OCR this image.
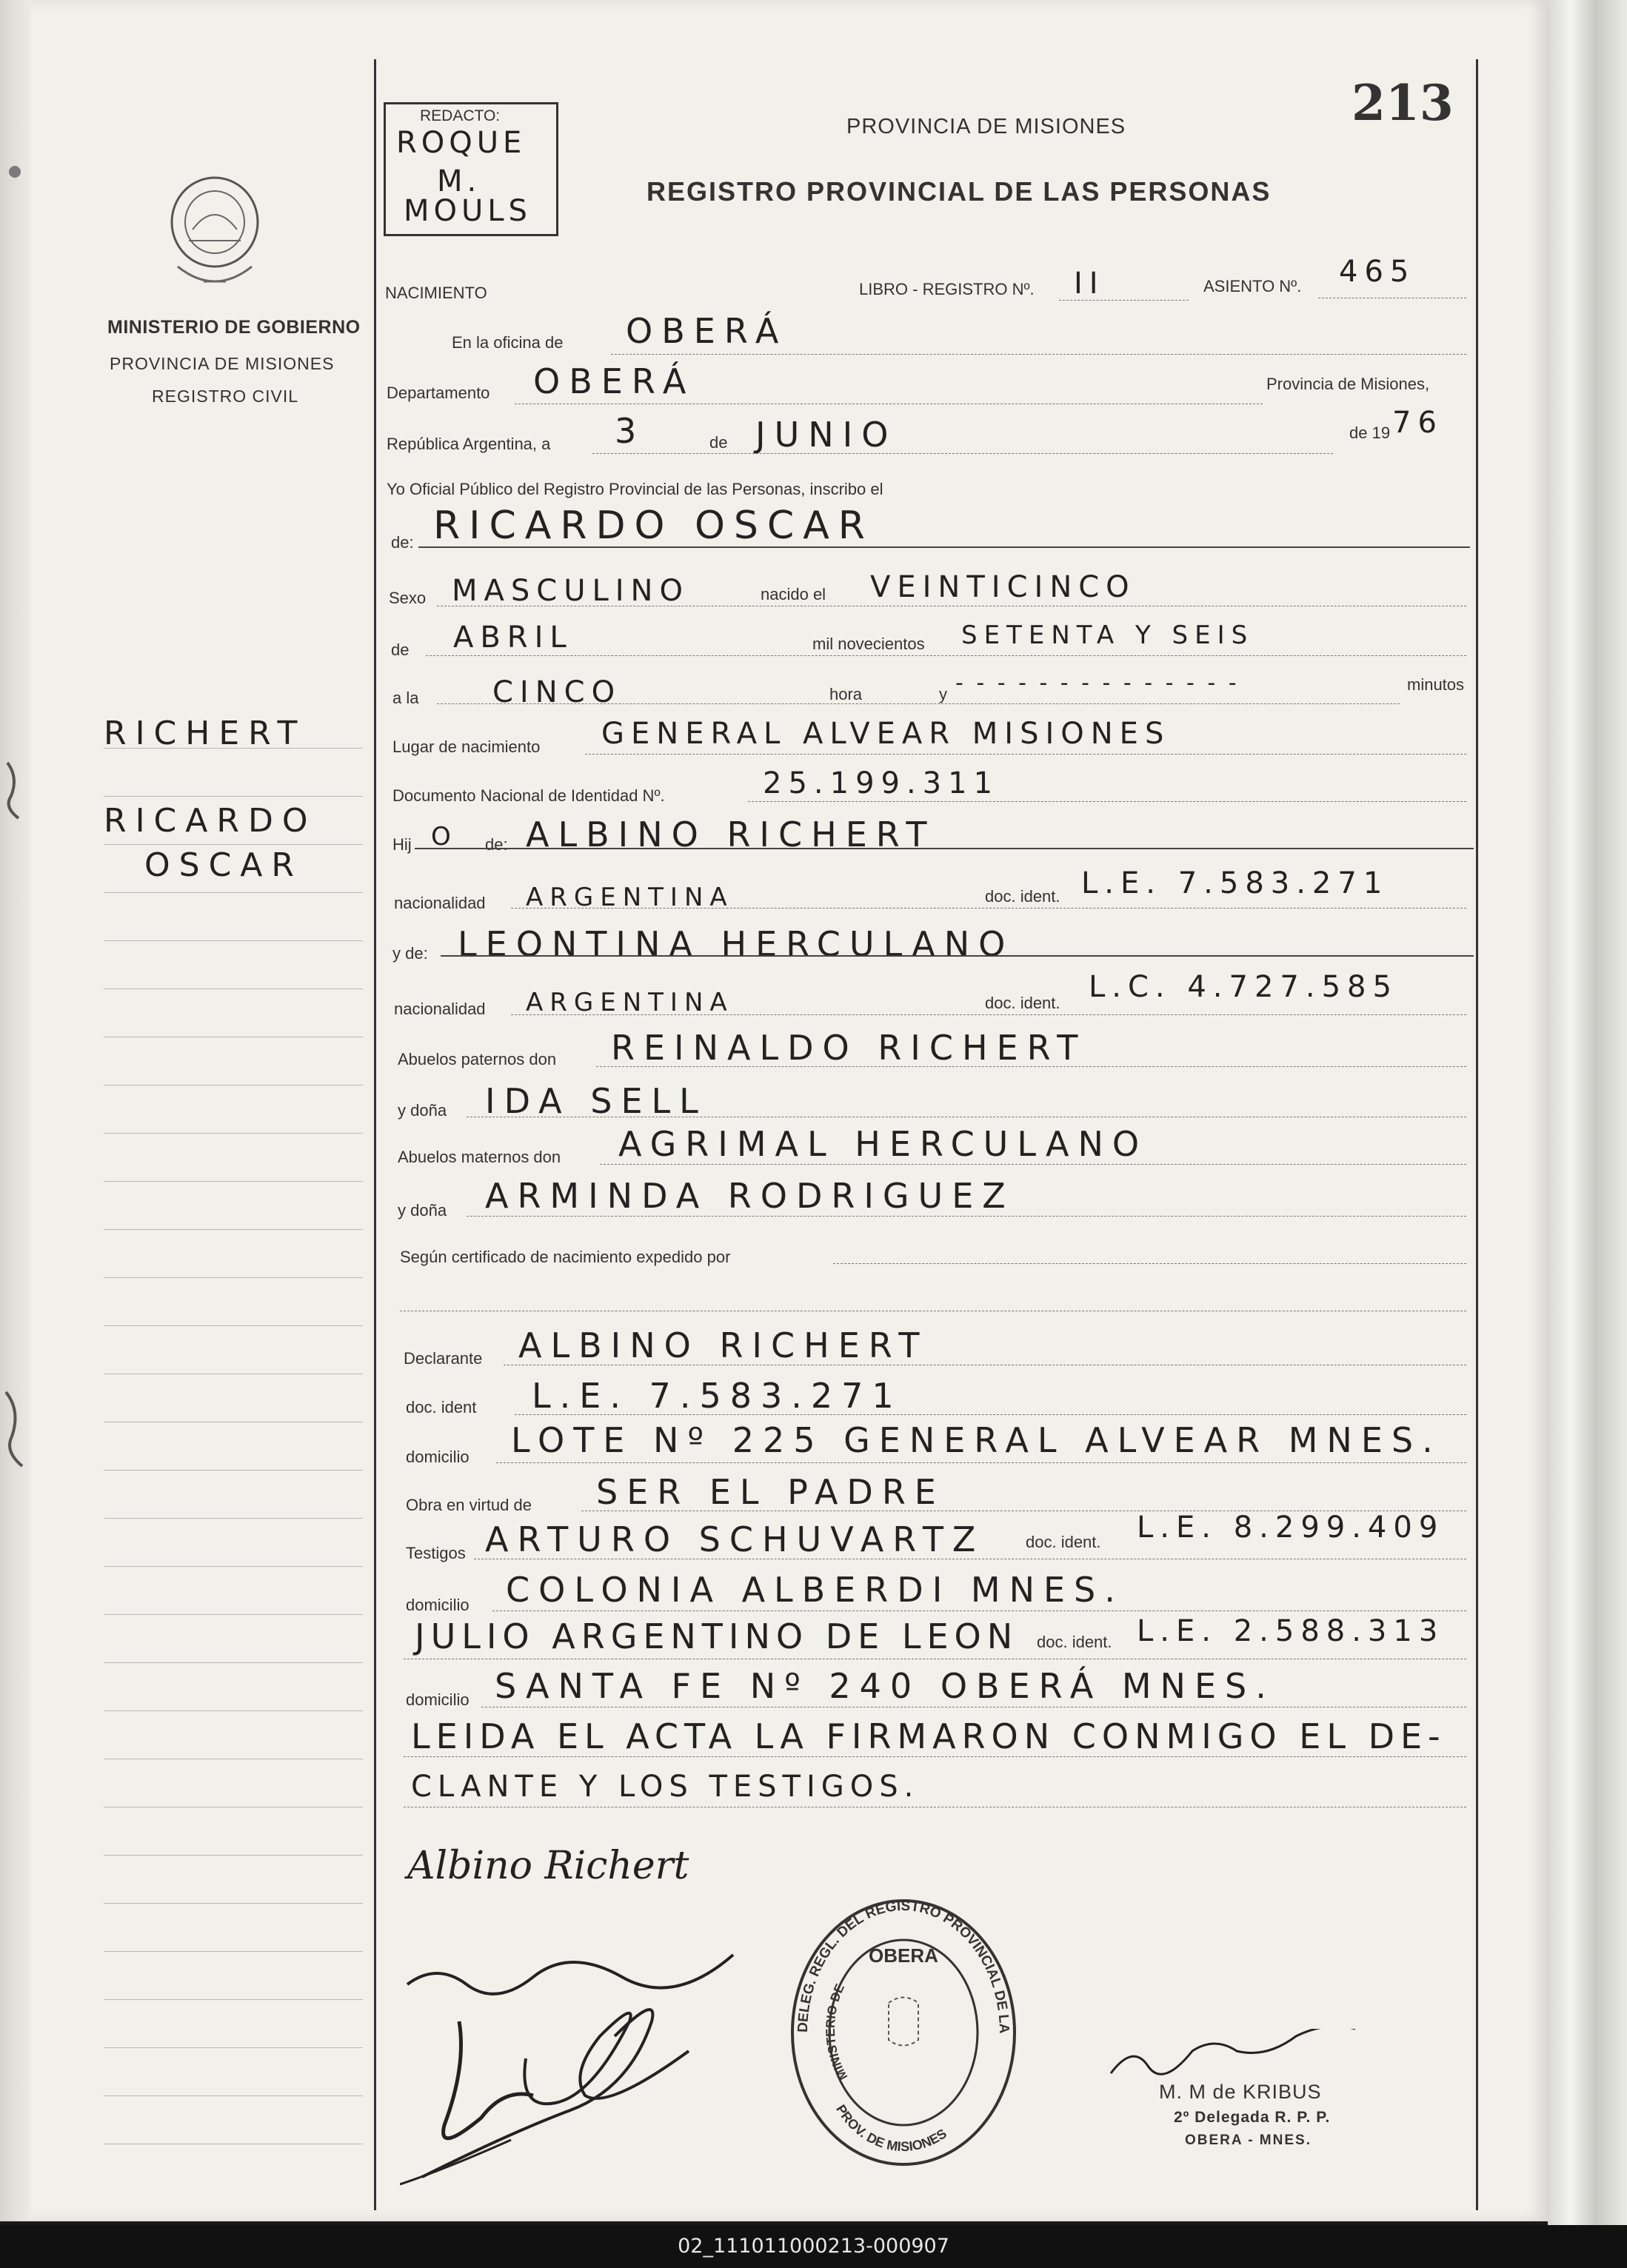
MINISTERIO DE GOBIERNO
PROVINCIA DE MISIONES
REGISTRO CIVIL
RICHERT
RICARDO
OSCAR
213
REDACTO:
ROQUE
M.
MOULS
PROVINCIA DE MISIONES
REGISTRO PROVINCIAL DE LAS PERSONAS
NACIMIENTO	LIBRO - REGISTRO Nº. II	ASIENTO Nº. 465
En la oficina de OBERÁ
Departamento OBERÁ	Provincia de Misiones,
República Argentina, a 3	de JUNIO	de 19 76
Yo Oficial Público del Registro Provincial de las Personas, inscribo el
de: RICARDO OSCAR
Sexo MASCULINO	nacido el VEINTICINCO
de ABRIL	mil novecientos SETENTA Y SEIS
a la CINCO	hora	y - - - - - - - - - - - - - -	minutos
Lugar de nacimiento GENERAL ALVEAR MISIONES
Documento Nacional de Identidad Nº.	25.199.311
Hij O de: ALBINO RICHERT
nacionalidad ARGENTINA	doc. ident. L.E. 7.583.271
y de: LEONTINA HERCULANO
nacionalidad ARGENTINA	doc. ident. L.C. 4.727.585
Abuelos paternos don REINALDO RICHERT
y doña IDA SELL
Abuelos maternos don AGRIMAL HERCULANO
y doña ARMINDA RODRIGUEZ
Según certificado de nacimiento expedido por
Declarante ALBINO RICHERT
doc. ident L.E. 7.583.271
domicilio LOTE Nº 225 GENERAL ALVEAR MNES.
Obra en virtud de SER EL PADRE
Testigos ARTURO SCHUVARTZ	doc. ident. L.E. 8.299.409
domicilio COLONIA ALBERDI MNES.
JULIO ARGENTINO DE LEON doc. ident. L.E. 2.588.313
domicilio SANTA FE Nº 240 OBERÁ MNES.
LEIDA EL ACTA LA FIRMARON CONMIGO EL DE-
CLANTE Y LOS TESTIGOS.
Albino Richert
DELEG. REGL. DEL REGISTRO PROVINCIAL DE LA
OBERA
MINISTERIO DE
PROV. DE MISIONES
M. M de KRIBUS
2º Delegada R. P. P.
OBERA - MNES.
02_111011000213-000907
